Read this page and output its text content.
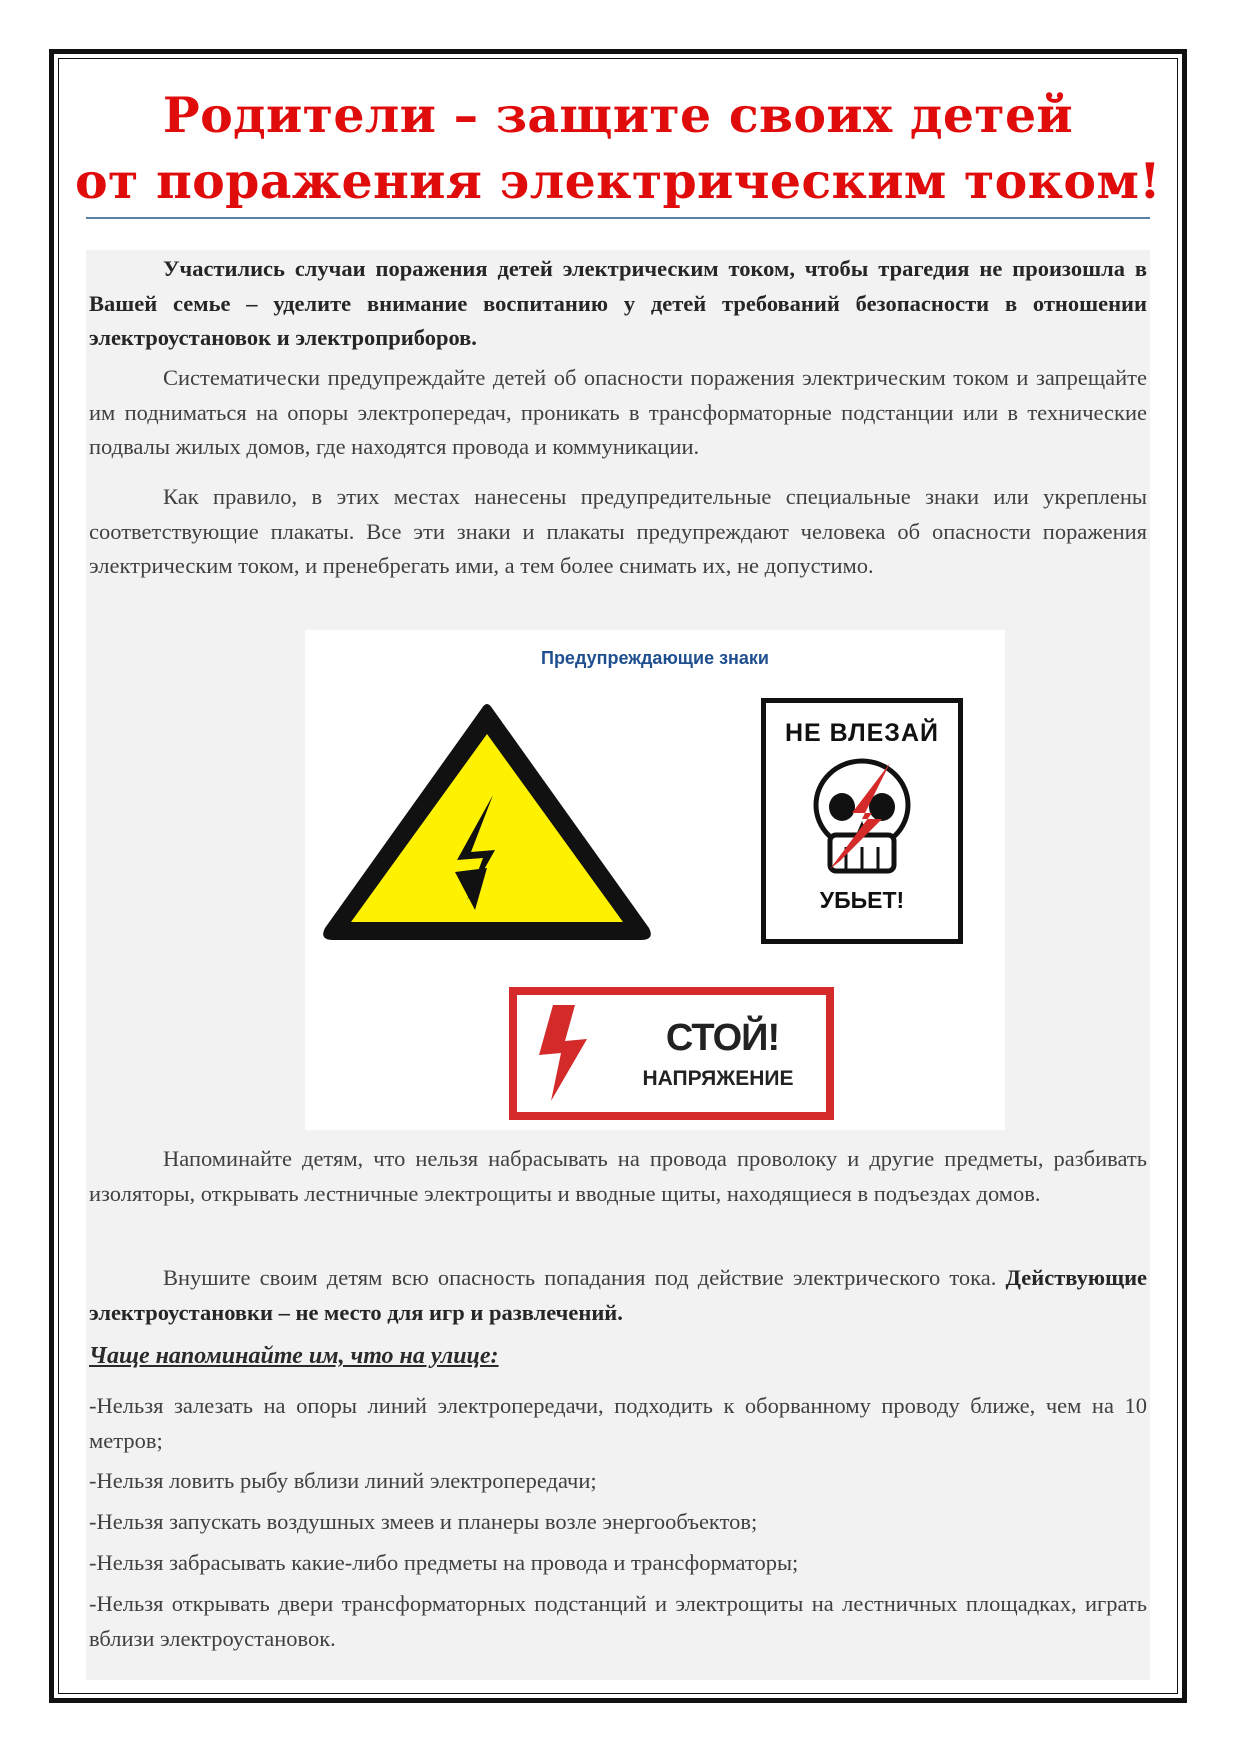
Родители – защите своих детей
от поражения электрическим током!

Участились случаи поражения детей электрическим током, чтобы трагедия не произошла в Вашей семье – уделите внимание воспитанию у детей требований безопасности в отношении электроустановок и электроприборов.

Систематически предупреждайте детей об опасности поражения электрическим током и запрещайте им подниматься на опоры электропередач, проникать в трансформаторные подстанции или в технические подвалы жилых домов, где находятся провода и коммуникации.

Как правило, в этих местах нанесены предупредительные специальные знаки или укреплены соответствующие плакаты. Все эти знаки и плакаты предупреждают человека об опасности поражения электрическим током, и пренебрегать ими, а тем более снимать их, не допустимо.

Предупреждающие знаки
НЕ ВЛЕЗАЙ
УБЬЕТ!
СТОЙ!
НАПРЯЖЕНИЕ

Напоминайте детям, что нельзя набрасывать на провода проволоку и другие предметы, разбивать изоляторы, открывать лестничные электрощиты и вводные щиты, находящиеся в подъездах домов.

Внушите своим детям всю опасность попадания под действие электрического тока. Действующие электроустановки – не место для игр и развлечений.

Чаще напоминайте им, что на улице:

-Нельзя залезать на опоры линий электропередачи, подходить к оборванному проводу ближе, чем на 10 метров;

-Нельзя ловить рыбу вблизи линий электропередачи;

-Нельзя запускать воздушных змеев и планеры возле энергообъектов;

-Нельзя забрасывать какие-либо предметы на провода и трансформаторы;

-Нельзя открывать двери трансформаторных подстанций и электрощиты на лестничных площадках, играть вблизи электроустановок.
